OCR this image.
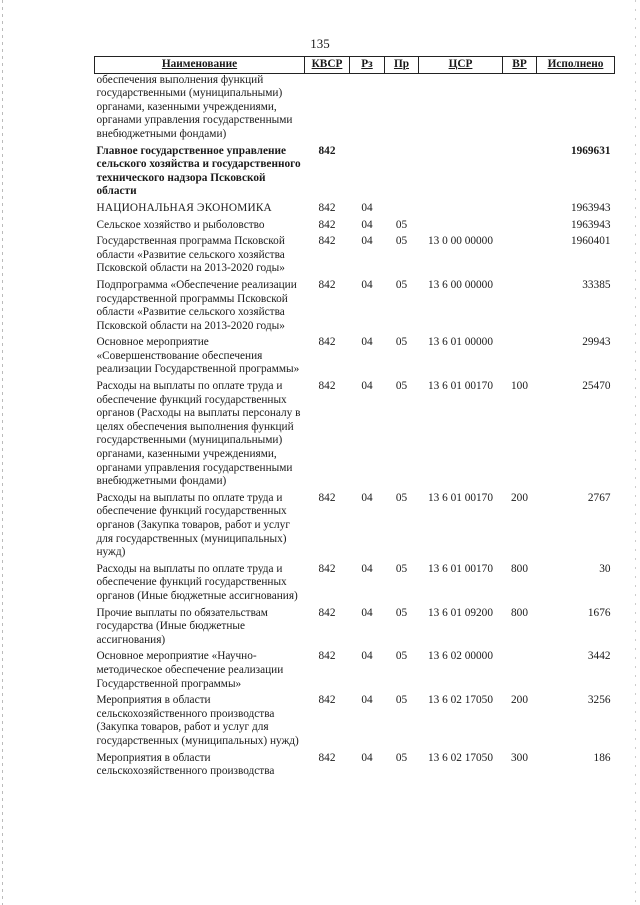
135
Наименование	КВСР	Рз	Пр	ЦСР	ВР	Исполнено
обеспечения выполнения функций государственными (муниципальными) органами, казенными учреждениями, органами управления государственными внебюджетными фондами)						
Главное государственное управление сельского хозяйства и государственного технического надзора Псковской области	842					1969631
НАЦИОНАЛЬНАЯ ЭКОНОМИКА	842	04				1963943
Сельское хозяйство и рыболовство	842	04	05			1963943
Государственная программа Псковской области «Развитие сельского хозяйства Псковской области на 2013-2020 годы»	842	04	05	13 0 00 00000		1960401
Подпрограмма «Обеспечение реализации государственной программы Псковской области «Развитие сельского хозяйства Псковской области на 2013-2020 годы»	842	04	05	13 6 00 00000		33385
Основное мероприятие «Совершенствование обеспечения реализации Государственной программы»	842	04	05	13 6 01 00000		29943
Расходы на выплаты по оплате труда и обеспечение функций государственных органов (Расходы на выплаты персоналу в целях обеспечения выполнения функций государственными (муниципальными) органами, казенными учреждениями, органами управления государственными внебюджетными фондами)	842	04	05	13 6 01 00170	100	25470
Расходы на выплаты по оплате труда и обеспечение функций государственных органов (Закупка товаров, работ и услуг для государственных (муниципальных) нужд)	842	04	05	13 6 01 00170	200	2767
Расходы на выплаты по оплате труда и обеспечение функций государственных органов (Иные бюджетные ассигнования)	842	04	05	13 6 01 00170	800	30
Прочие выплаты по обязательствам государства (Иные бюджетные ассигнования)	842	04	05	13 6 01 09200	800	1676
Основное мероприятие «Научно-методическое обеспечение реализации Государственной программы»	842	04	05	13 6 02 00000		3442
Мероприятия в области сельскохозяйственного производства (Закупка товаров, работ и услуг для государственных (муниципальных) нужд)	842	04	05	13 6 02 17050	200	3256
Мероприятия в области сельскохозяйственного производства	842	04	05	13 6 02 17050	300	186
